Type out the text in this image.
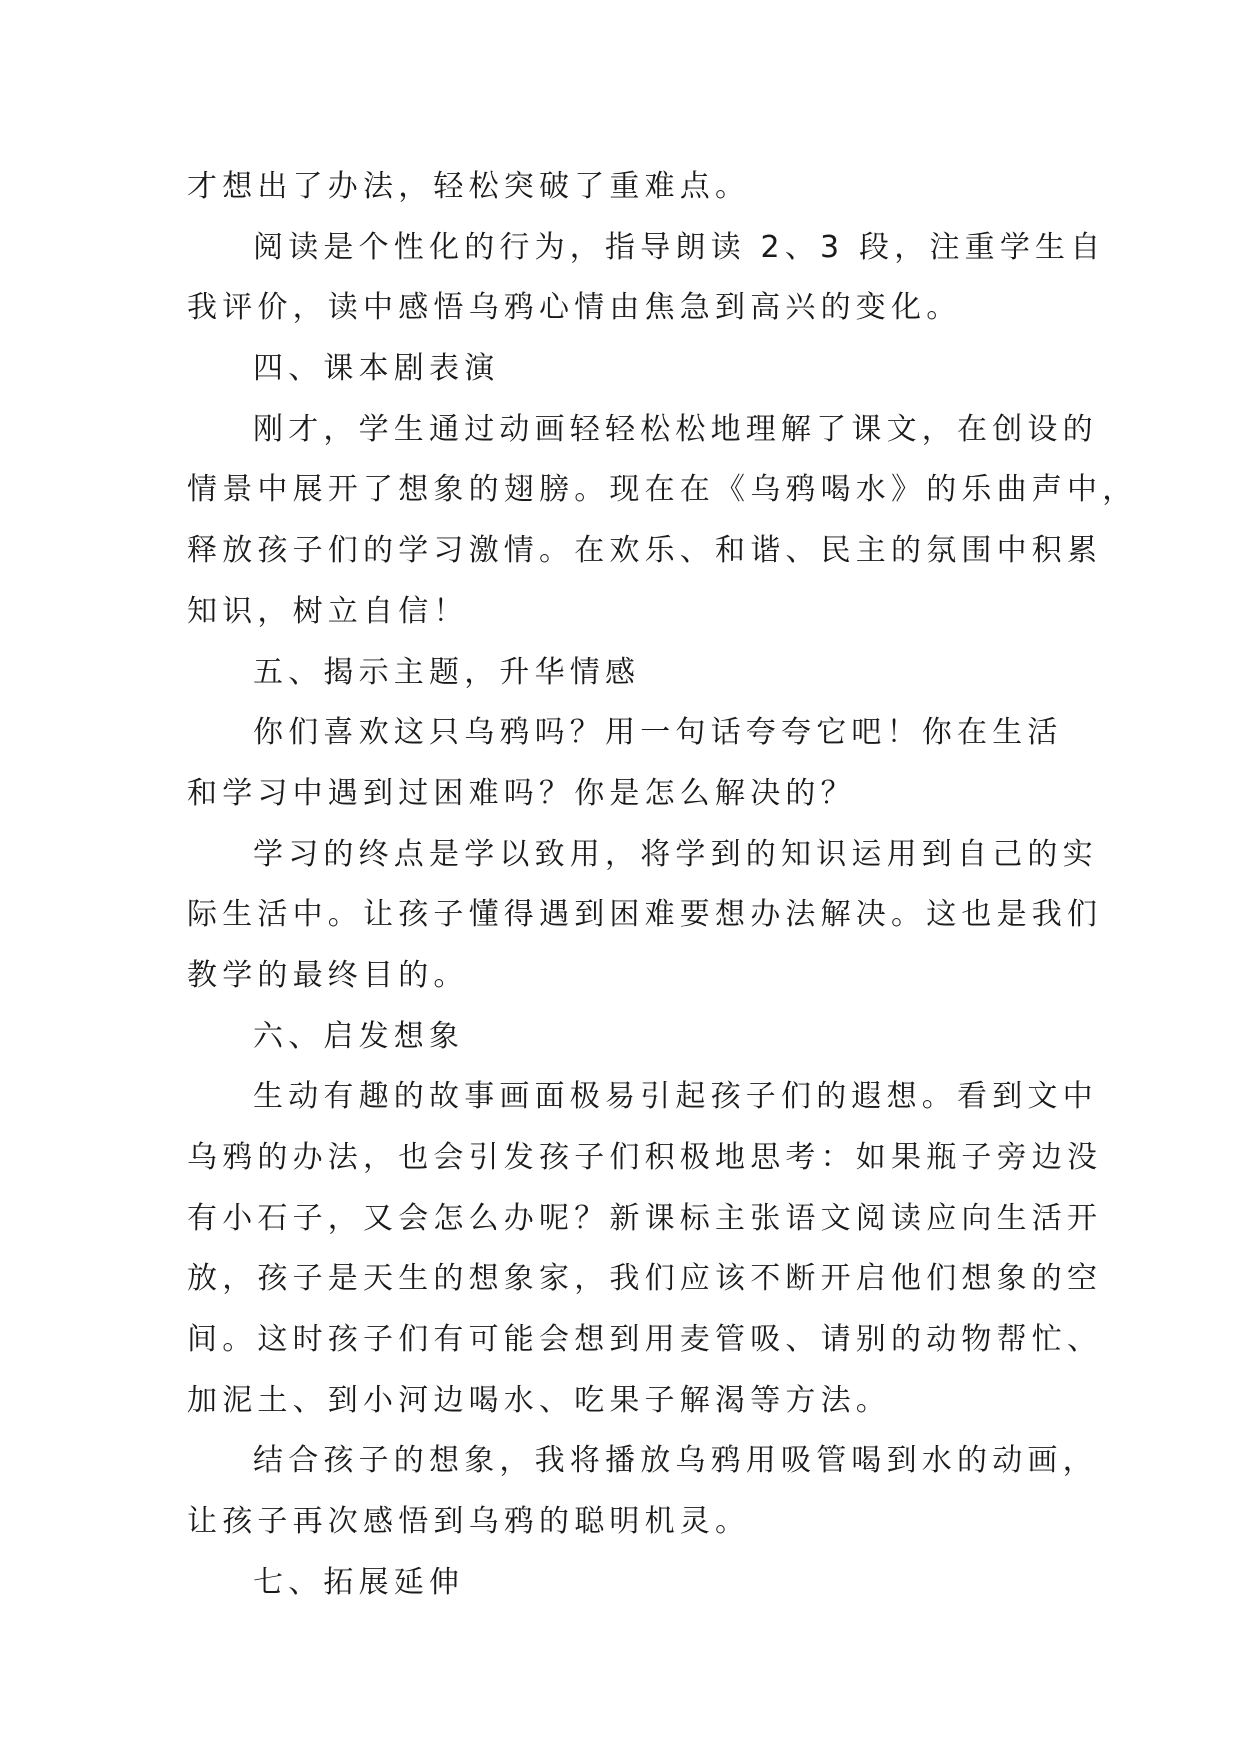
才想出了办法，轻松突破了重难点。
阅读是个性化的行为，指导朗读 2、3 段，注重学生自
我评价，读中感悟乌鸦心情由焦急到高兴的变化。
四、课本剧表演
刚才，学生通过动画轻轻松松地理解了课文，在创设的
情景中展开了想象的翅膀。现在在《乌鸦喝水》的乐曲声中，
释放孩子们的学习激情。在欢乐、和谐、民主的氛围中积累
知识，树立自信！
五、揭示主题，升华情感
你们喜欢这只乌鸦吗？用一句话夸夸它吧！你在生活
和学习中遇到过困难吗？你是怎么解决的？
学习的终点是学以致用，将学到的知识运用到自己的实
际生活中。让孩子懂得遇到困难要想办法解决。这也是我们
教学的最终目的。
六、启发想象
生动有趣的故事画面极易引起孩子们的遐想。看到文中
乌鸦的办法，也会引发孩子们积极地思考：如果瓶子旁边没
有小石子，又会怎么办呢？新课标主张语文阅读应向生活开
放，孩子是天生的想象家，我们应该不断开启他们想象的空
间。这时孩子们有可能会想到用麦管吸、请别的动物帮忙、
加泥土、到小河边喝水、吃果子解渴等方法。
结合孩子的想象，我将播放乌鸦用吸管喝到水的动画，
让孩子再次感悟到乌鸦的聪明机灵。
七、拓展延伸
